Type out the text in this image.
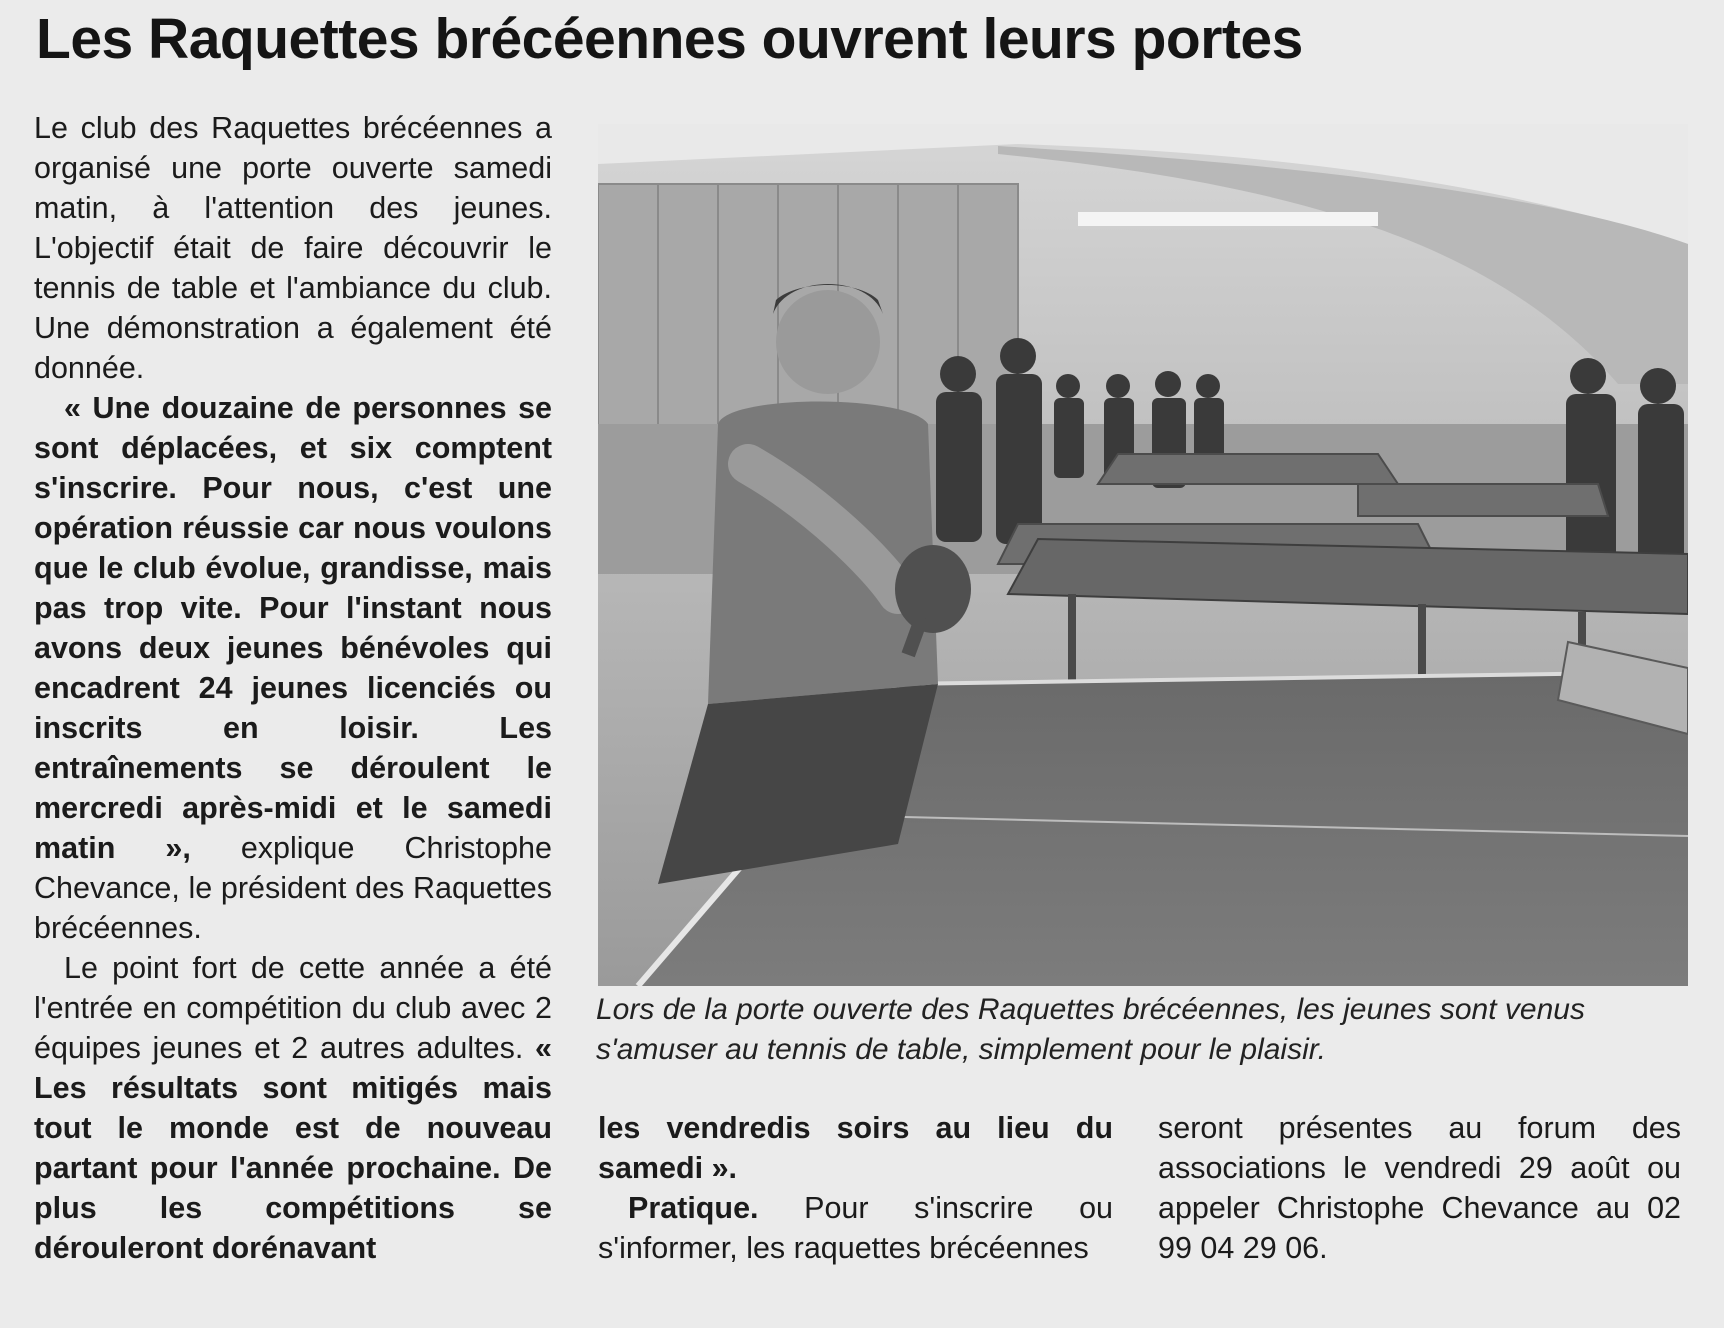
Les Raquettes brécéennes ouvrent leurs portes

Le club des Raquettes brécéennes a organisé une porte ouverte samedi matin, à l'attention des jeunes. L'objectif était de faire découvrir le tennis de table et l'ambiance du club. Une démonstration a également été donnée.

« Une douzaine de personnes se sont déplacées, et six comptent s'inscrire. Pour nous, c'est une opération réussie car nous voulons que le club évolue, grandisse, mais pas trop vite. Pour l'instant nous avons deux jeunes bénévoles qui encadrent 24 jeunes licenciés ou inscrits en loisir. Les entraînements se déroulent le mercredi après-midi et le samedi matin », explique Christophe Chevance, le président des Raquettes brécéennes.

Le point fort de cette année a été l'entrée en compétition du club avec 2 équipes jeunes et 2 autres adultes. « Les résultats sont mitigés mais tout le monde est de nouveau partant pour l'année prochaine. De plus les compétitions se dérouleront dorénavant

Lors de la porte ouverte des Raquettes brécéennes, les jeunes sont venus s'amuser au tennis de table, simplement pour le plaisir.

les vendredis soirs au lieu du samedi ».

Pratique. Pour s'inscrire ou s'informer, les raquettes brécéennes

seront présentes au forum des associations le vendredi 29 août ou appeler Christophe Chevance au 02 99 04 29 06.
